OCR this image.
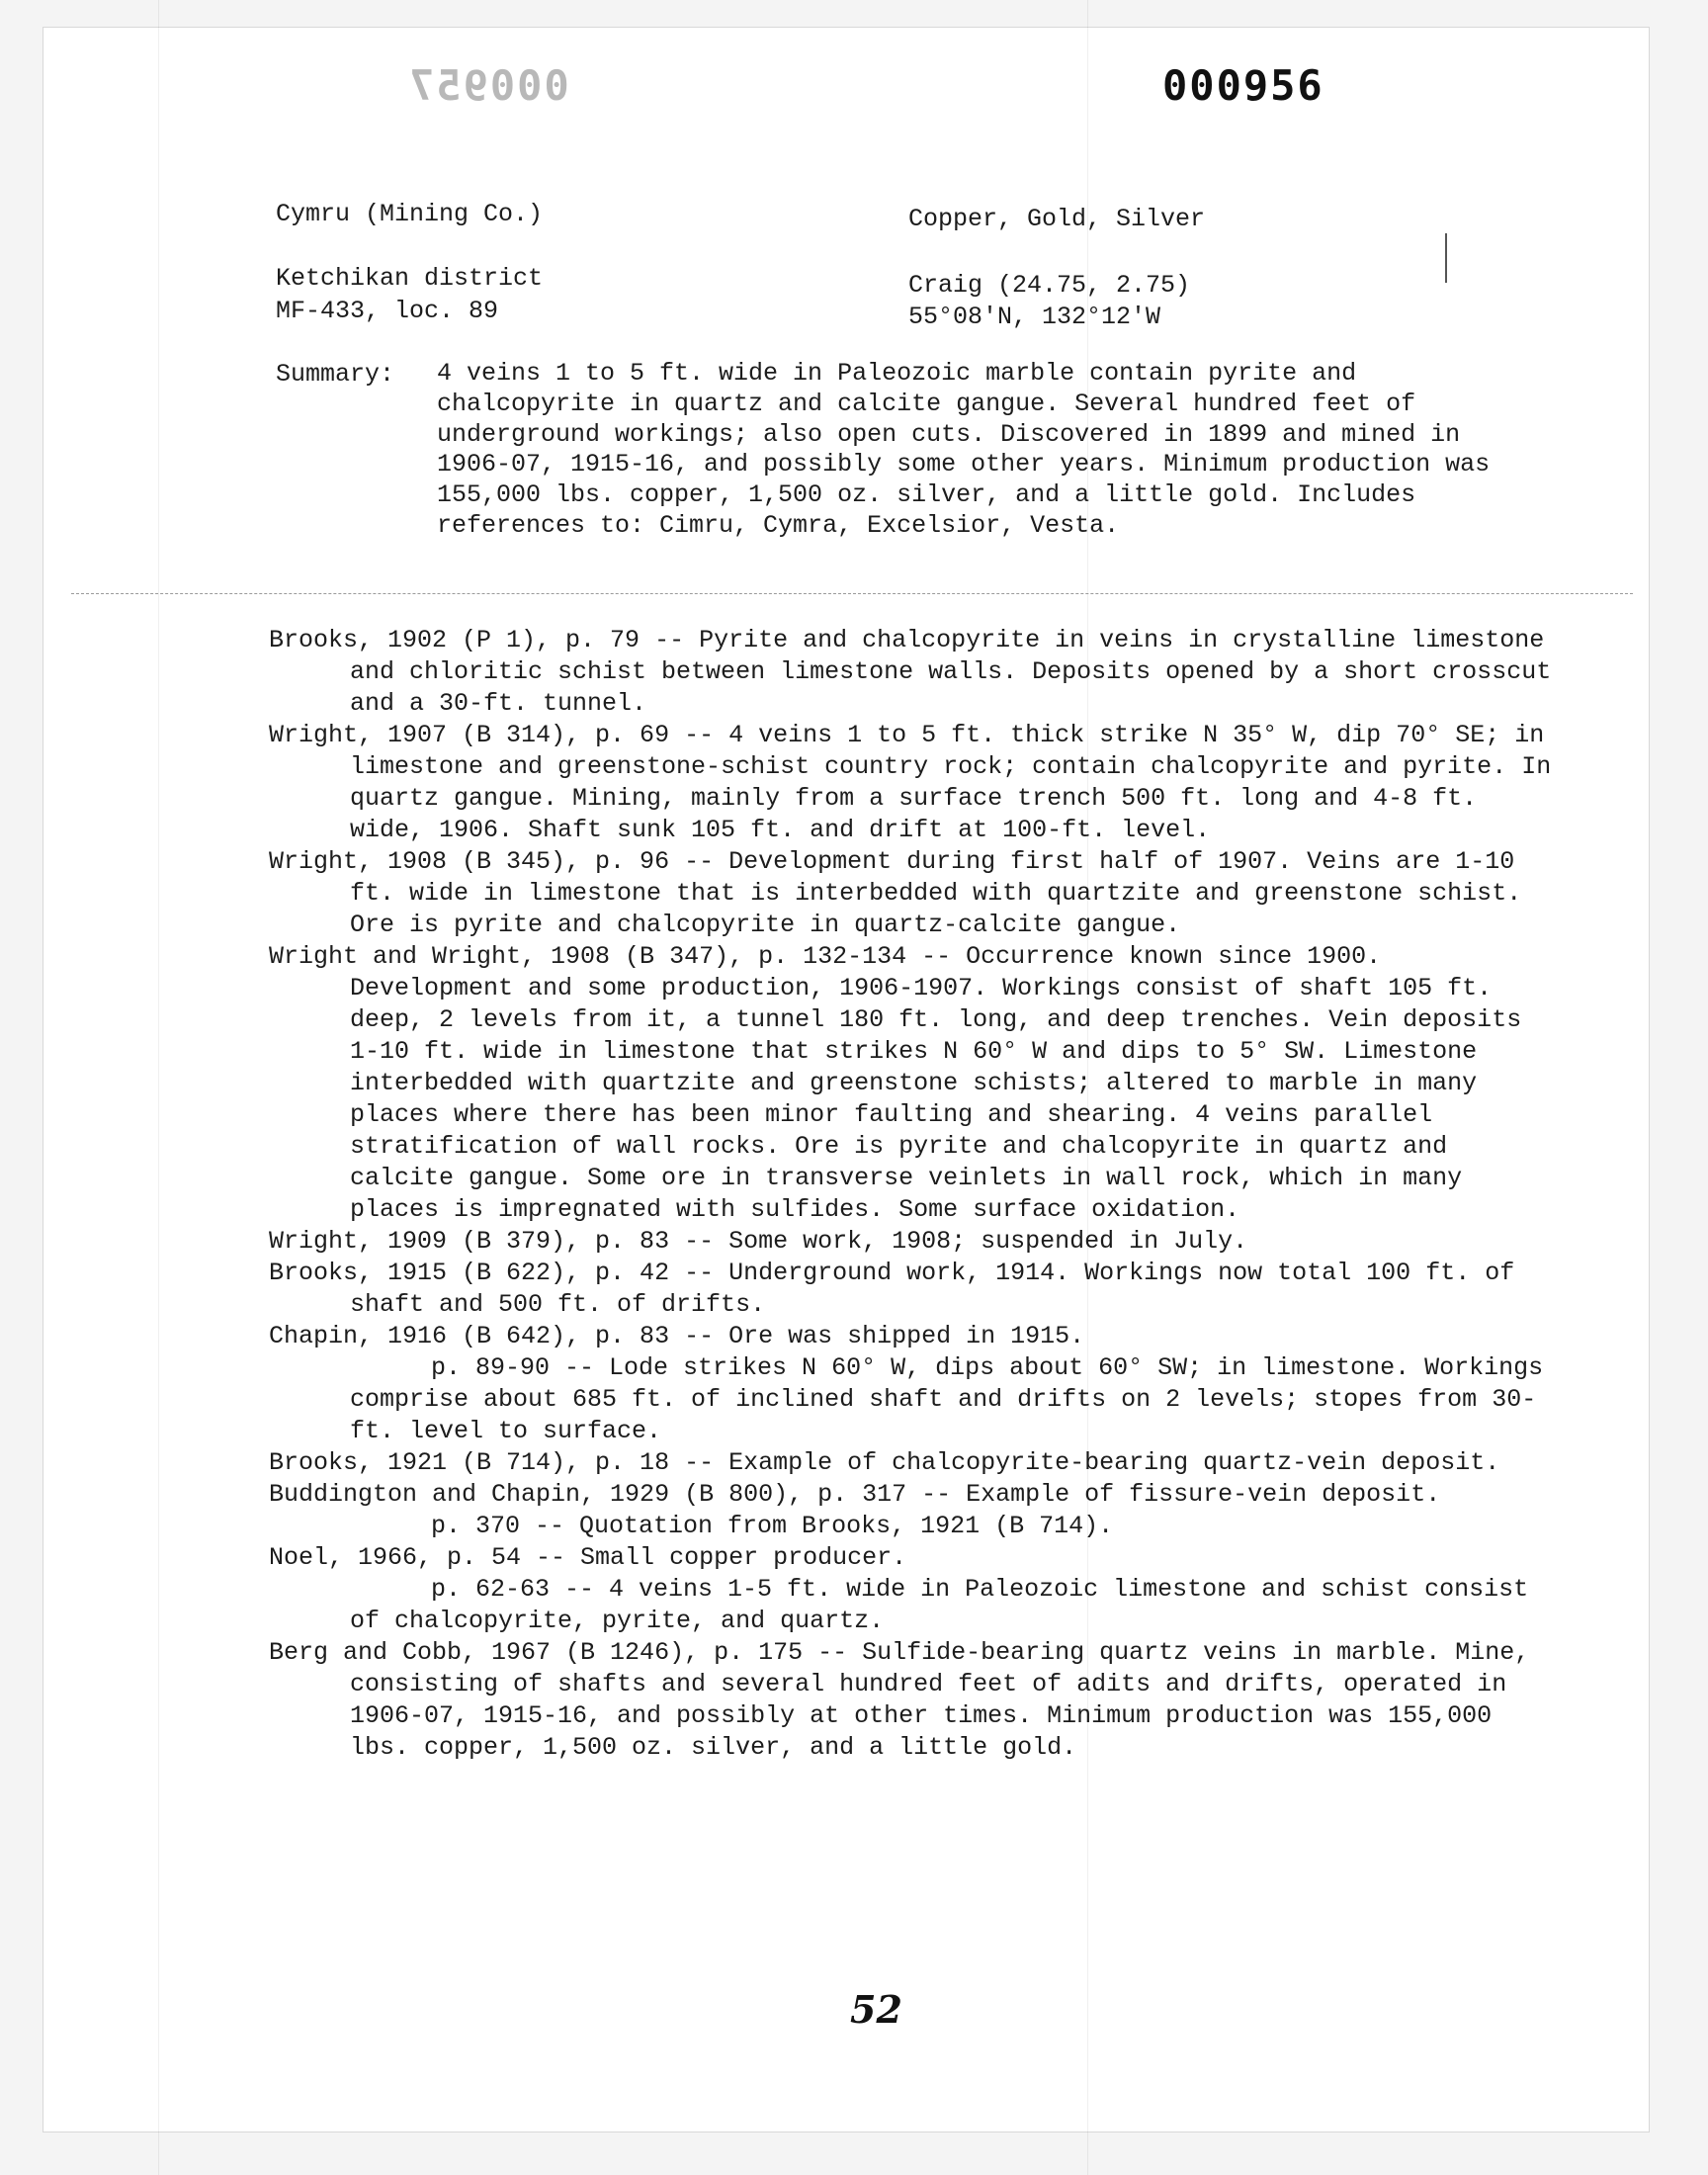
000957	000956
Cymru (Mining Co.)	Copper, Gold, Silver
Ketchikan district
MF-433, loc. 89
Craig (24.75, 2.75)
55°08'N, 132°12'W
Summary: 4 veins 1 to 5 ft. wide in Paleozoic marble contain pyrite and chalcopyrite in quartz and calcite gangue. Several hundred feet of underground workings; also open cuts. Discovered in 1899 and mined in 1906-07, 1915-16, and possibly some other years. Minimum production was 155,000 lbs. copper, 1,500 oz. silver, and a little gold. Includes references to: Cimru, Cymra, Excelsior, Vesta.
Brooks, 1902 (P 1), p. 79 -- Pyrite and chalcopyrite in veins in crystalline limestone and chloritic schist between limestone walls. Deposits opened by a short crosscut and a 30-ft. tunnel.
Wright, 1907 (B 314), p. 69 -- 4 veins 1 to 5 ft. thick strike N 35° W, dip 70° SE; in limestone and greenstone-schist country rock; contain chalcopyrite and pyrite. In quartz gangue. Mining, mainly from a surface trench 500 ft. long and 4-8 ft. wide, 1906. Shaft sunk 105 ft. and drift at 100-ft. level.
Wright, 1908 (B 345), p. 96 -- Development during first half of 1907. Veins are 1-10 ft. wide in limestone that is interbedded with quartzite and greenstone schist. Ore is pyrite and chalcopyrite in quartz-calcite gangue.
Wright and Wright, 1908 (B 347), p. 132-134 -- Occurrence known since 1900. Development and some production, 1906-1907. Workings consist of shaft 105 ft. deep, 2 levels from it, a tunnel 180 ft. long, and deep trenches. Vein deposits 1-10 ft. wide in limestone that strikes N 60° W and dips to 5° SW. Limestone interbedded with quartzite and greenstone schists; altered to marble in many places where there has been minor faulting and shearing. 4 veins parallel stratification of wall rocks. Ore is pyrite and chalcopyrite in quartz and calcite gangue. Some ore in transverse veinlets in wall rock, which in many places is impregnated with sulfides. Some surface oxidation.
Wright, 1909 (B 379), p. 83 -- Some work, 1908; suspended in July.
Brooks, 1915 (B 622), p. 42 -- Underground work, 1914. Workings now total 100 ft. of shaft and 500 ft. of drifts.
Chapin, 1916 (B 642), p. 83 -- Ore was shipped in 1915.
p. 89-90 -- Lode strikes N 60° W, dips about 60° SW; in limestone. Workings comprise about 685 ft. of inclined shaft and drifts on 2 levels; stopes from 30-ft. level to surface.
Brooks, 1921 (B 714), p. 18 -- Example of chalcopyrite-bearing quartz-vein deposit.
Buddington and Chapin, 1929 (B 800), p. 317 -- Example of fissure-vein deposit.
p. 370 -- Quotation from Brooks, 1921 (B 714).
Noel, 1966, p. 54 -- Small copper producer.
p. 62-63 -- 4 veins 1-5 ft. wide in Paleozoic limestone and schist consist of chalcopyrite, pyrite, and quartz.
Berg and Cobb, 1967 (B 1246), p. 175 -- Sulfide-bearing quartz veins in marble. Mine, consisting of shafts and several hundred feet of adits and drifts, operated in 1906-07, 1915-16, and possibly at other times. Minimum production was 155,000 lbs. copper, 1,500 oz. silver, and a little gold.
52
